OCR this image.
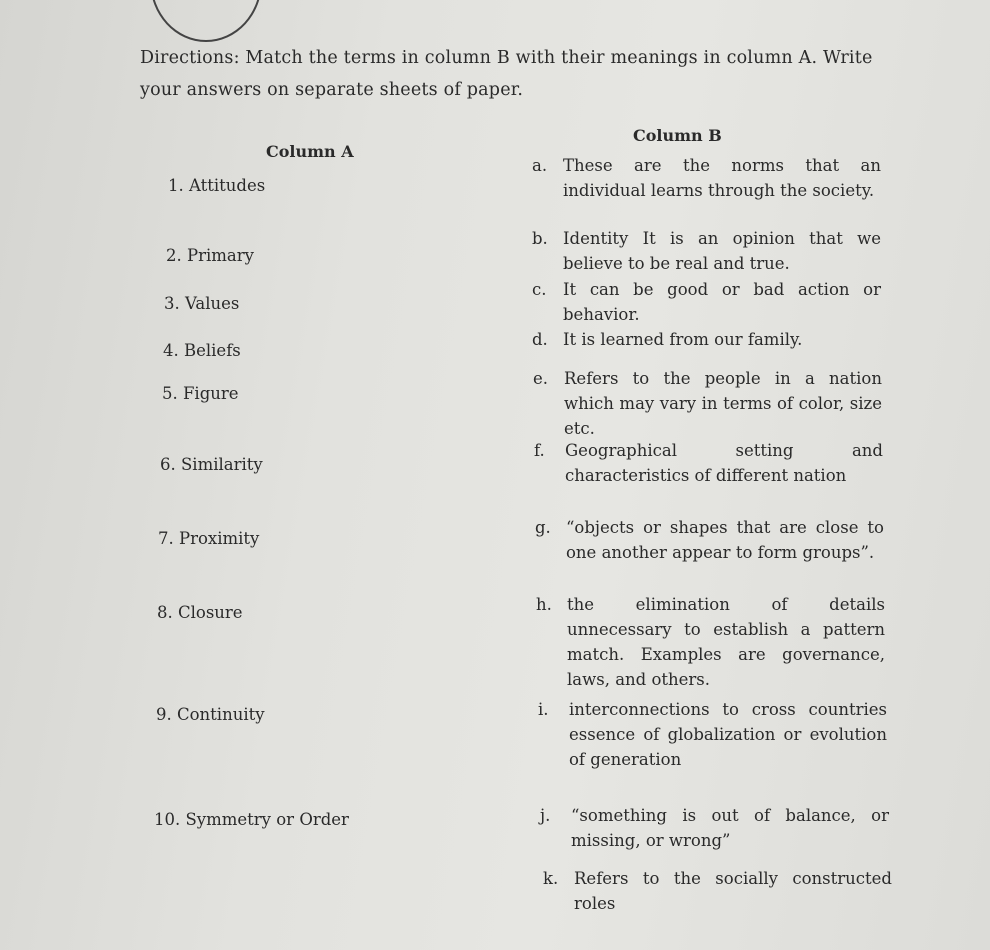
Directions: Match the terms in column B with their meanings in column A. Write your answers on separate sheets of paper.
Column A
Column B
1. Attitudes
2. Primary
3. Values
4. Beliefs
5. Figure
6. Similarity
7. Proximity
8. Closure
9. Continuity
10. Symmetry or Order
a. These are the norms that an individual learns through the society.
b. Identity It is an opinion that we believe to be real and true.
c. It can be good or bad action or behavior.
d. It is learned from our family.
e. Refers to the people in a nation which may vary in terms of color, size etc.
f. Geographical setting and characteristics of different nation
g. “objects or shapes that are close to one another appear to form groups”.
h. the elimination of details unnecessary to establish a pattern match. Examples are governance, laws, and others.
i. interconnections to cross countries essence of globalization or evolution of generation
j. “something is out of balance, or missing, or wrong”
k. Refers to the socially constructed roles
